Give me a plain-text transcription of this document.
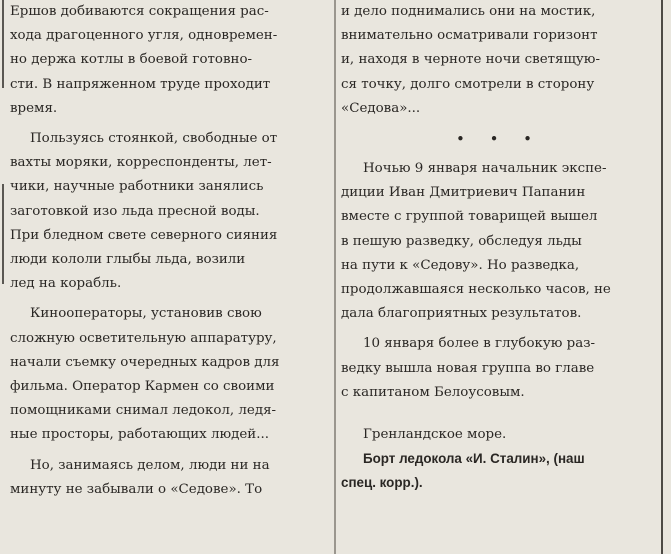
Ершов добиваются сокращения рас-

хода драгоценного угля, одновремен-

но держа котлы в боевой готовно-

сти. В напряженном труде проходит

время.

Пользуясь стоянкой, свободные от

вахты моряки, корреспонденты, лет-

чики, научные работники занялись

заготовкой изо льда пресной воды.

При бледном свете северного сияния

люди кололи глыбы льда, возили

лед на корабль.

Кинооператоры, установив свою

сложную осветительную аппаратуру,

начали съемку очередных кадров для

фильма. Оператор Кармен со своими

помощниками снимал ледокол, ледя-

ные просторы, работающих людей...

Но, занимаясь делом, люди ни на

минуту не забывали о «Седове». То

и дело поднимались они на мостик,

внимательно осматривали горизонт

и, находя в чернoте ночи светящую-

ся точку, долго смотрели в сторону

«Седова»...

• • •

Ночью 9 января начальник экспе-

диции Иван Дмитриевич Папанин

вместе с группой товарищей вышел

в пешую разведку, обследуя льды

на пути к «Седову». Но разведка,

продолжавшаяся несколько часов, не

дала благоприятных результатов.

10 января более в глубокую раз-

ведку вышла новая группа во главе

с капитаном Белоусовым.

Гренландское море.

Борт ледокола «И. Сталин», (наш

спец. корр.).
